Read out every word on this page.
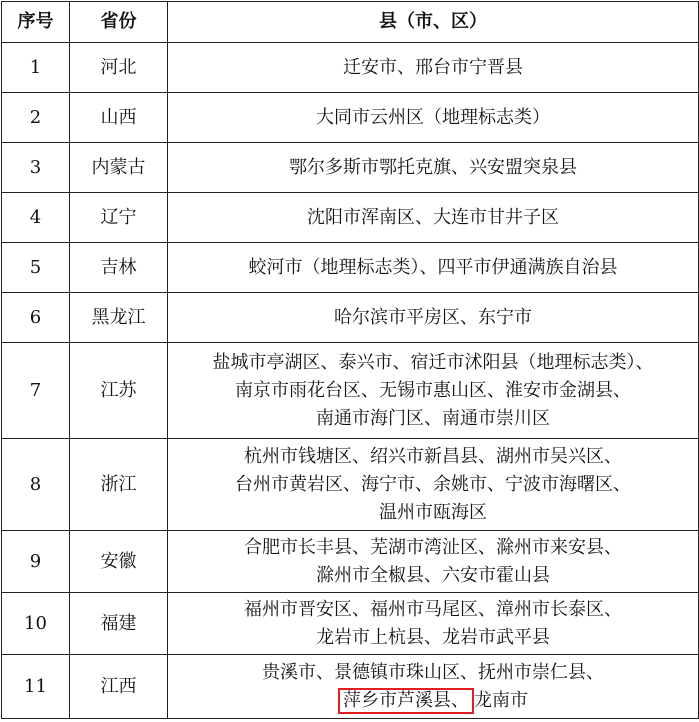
序号	省份	县（市、区）
1	河北	迁安市、邢台市宁晋县

2	山西	大同市云州区（地理标志类）

3	内蒙古	鄂尔多斯市鄂托克旗、兴安盟突泉县

4	辽宁	沈阳市浑南区、大连市甘井子区

5	吉林	蛟河市（地理标志类）、四平市伊通满族自治县

6	黑龙江	哈尔滨市平房区、东宁市

7	江苏	盐城市亭湖区、泰兴市、宿迁市沭阳县（地理标志类）、
南京市雨花台区、无锡市惠山区、淮安市金湖县、
南通市海门区、南通市崇川区

8	浙江	杭州市钱塘区、绍兴市新昌县、湖州市吴兴区、
台州市黄岩区、海宁市、余姚市、宁波市海曙区、
温州市瓯海区

9	安徽	合肥市长丰县、芜湖市湾沚区、滁州市来安县、
滁州市全椒县、六安市霍山县

10	福建	福州市晋安区、福州市马尾区、漳州市长泰区、
龙岩市上杭县、龙岩市武平县

11	江西	贵溪市、景德镇市珠山区、抚州市崇仁县、
萍乡市芦溪县、 龙南市
